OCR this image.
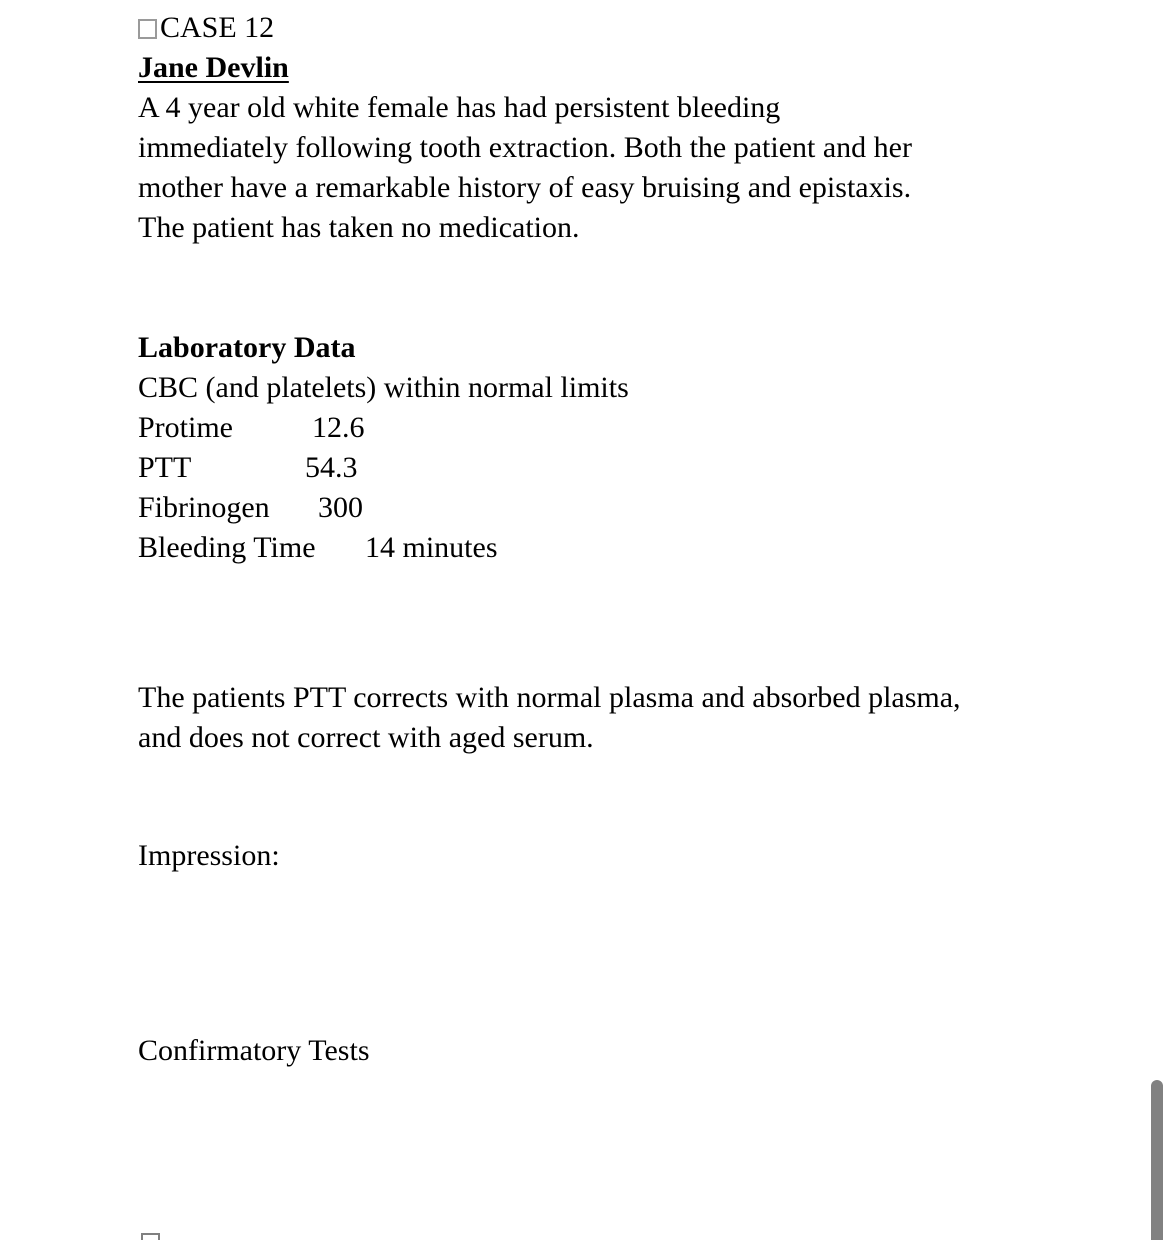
CASE 12
Jane Devlin
A 4 year old white female has had persistent bleeding
immediately following tooth extraction. Both the patient and her
mother have a remarkable history of easy bruising and epistaxis.
The patient has taken no medication.
Laboratory Data
CBC (and platelets) within normal limits
Protime	12.6
PTT	54.3
Fibrinogen 300
Bleeding Time 14 minutes
The patients PTT corrects with normal plasma and absorbed plasma,
and does not correct with aged serum.
Impression:
Confirmatory Tests
